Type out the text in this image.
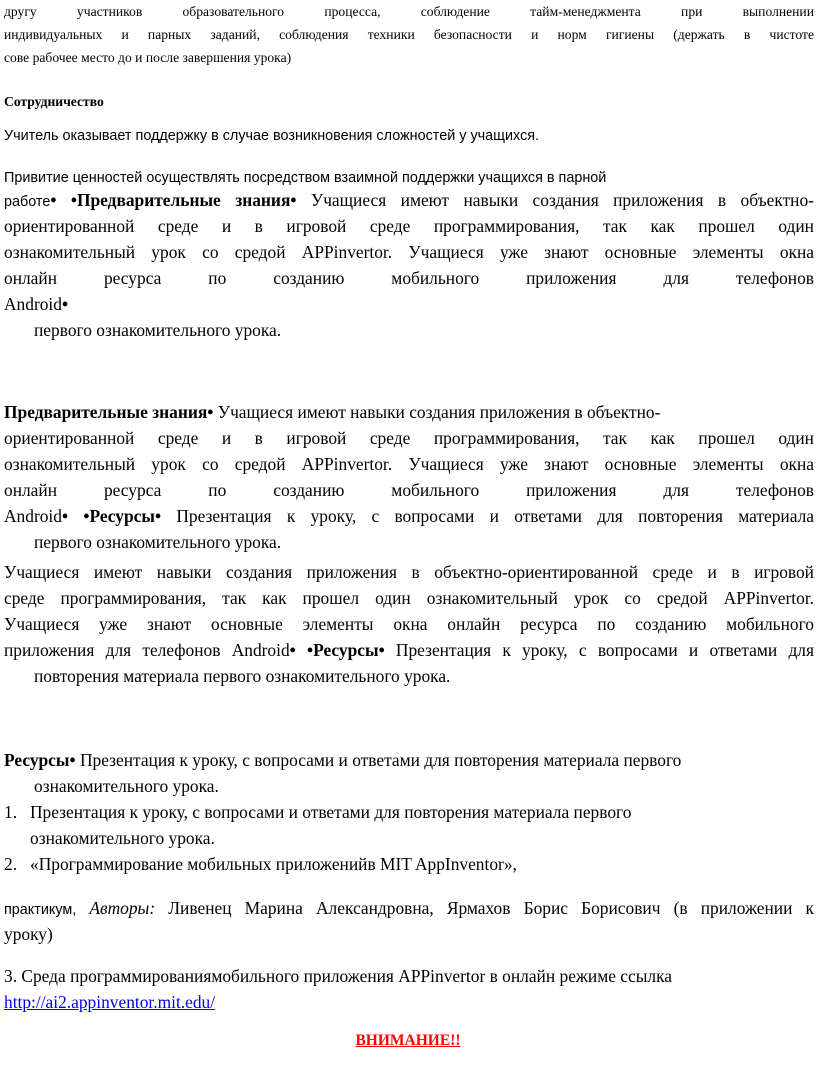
другу участников образовательного процесса, соблюдение тайм-менеджмента при выполнении

индивидуальных и парных заданий, соблюдения техники безопасности и норм гигиены (держать в чистоте

сове рабочее место до и после завершения урока)

Сотрудничество

Учитель оказывает поддержку в случае возникновения сложностей у учащихся.

Привитие ценностей осуществлять посредством взаимной поддержки учащихся в парной

работе• •Предварительные знания• Учащиеся имеют навыки создания приложения в объектно-

ориентированной среде и в игровой среде программирования, так как прошел один

ознакомительный урок со средой APPinvertor. Учащиеся уже знают основные элементы окна

онлайн ресурса по созданию мобильного приложения для телефонов

Android•

первого ознакомительного урока.

Предварительные знания• Учащиеся имеют навыки создания приложения в объектно-

ориентированной среде и в игровой среде программирования, так как прошел один

ознакомительный урок со средой APPinvertor. Учащиеся уже знают основные элементы окна

онлайн ресурса по созданию мобильного приложения для телефонов

Android• •Ресурсы• Презентация к уроку, с вопросами и ответами для повторения материала

первого ознакомительного урока.

Учащиеся имеют навыки создания приложения в объектно-ориентированной среде и в игровой

среде программирования, так как прошел один ознакомительный урок со средой APPinvertor.

Учащиеся уже знают основные элементы окна онлайн ресурса по созданию мобильного

приложения для телефонов Android• •Ресурсы• Презентация к уроку, с вопросами и ответами для

повторения материала первого ознакомительного урока.

Ресурсы• Презентация к уроку, с вопросами и ответами для повторения материала первого

ознакомительного урока.

1. Презентация к уроку, с вопросами и ответами для повторения материала первого
ознакомительного урока.
2. «Программирование мобильных приложенийв MIT AppInventor»,

практикум, Авторы: Ливенец Марина Александровна, Ярмахов Борис Борисович (в приложении к

уроку)

3. Среда программированиямобильного приложения APPinvertor в онлайн режиме ссылка

http://ai2.appinventor.mit.edu/

ВНИМАНИЕ!!
